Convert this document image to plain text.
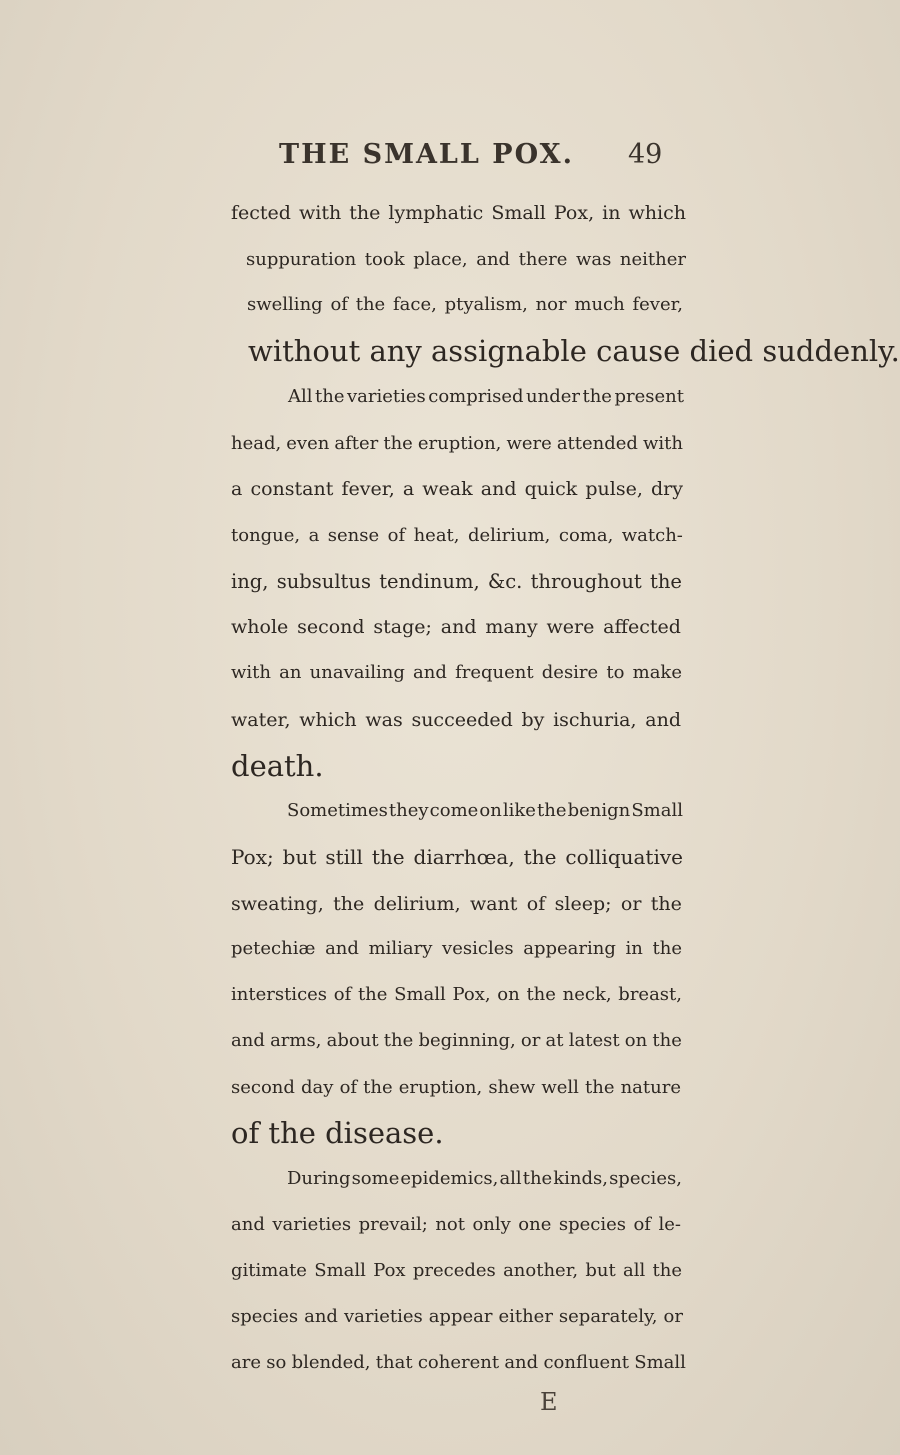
THE SMALL POX. 49
fected with the lymphatic Small Pox, in which
suppuration took place, and there was neither
swelling of the face, ptyalism, nor much fever,
without any assignable cause died suddenly.
All the varieties comprised under the present
head, even after the eruption, were attended with
a constant fever, a weak and quick pulse, dry
tongue, a sense of heat, delirium, coma, watch-
ing, subsultus tendinum, &c. throughout the
whole second stage; and many were affected
with an unavailing and frequent desire to make
water, which was succeeded by ischuria, and
death.
Sometimes they come on like the benign Small
Pox; but still the diarrhœa, the colliquative
sweating, the delirium, want of sleep; or the
petechiæ and miliary vesicles appearing in the
interstices of the Small Pox, on the neck, breast,
and arms, about the beginning, or at latest on the
second day of the eruption, shew well the nature
of the disease.
During some epidemics, all the kinds, species,
and varieties prevail; not only one species of le-
gitimate Small Pox precedes another, but all the
species and varieties appear either separately, or
are so blended, that coherent and confluent Small
E
